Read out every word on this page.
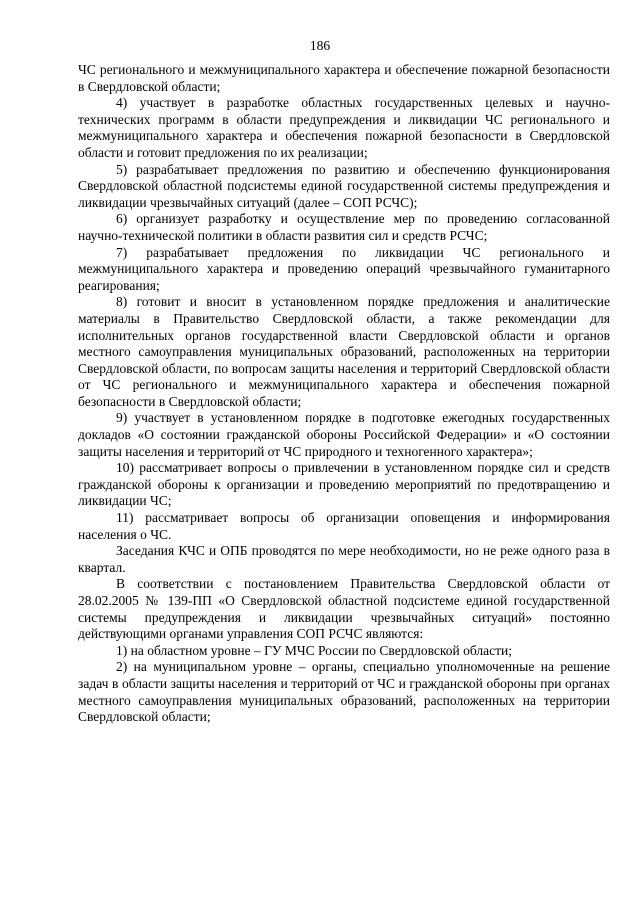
186

ЧС регионального и межмуниципального характера и обеспечение пожарной безопасности в Свердловской области;

4) участвует в разработке областных государственных целевых и научно-технических программ в области предупреждения и ликвидации ЧС регионального и межмуниципального характера и обеспечения пожарной безопасности в Свердловской области и готовит предложения по их реализации;

5) разрабатывает предложения по развитию и обеспечению функционирования Свердловской областной подсистемы единой государственной системы предупреждения и ликвидации чрезвычайных ситуаций (далее – СОП РСЧС);

6) организует разработку и осуществление мер по проведению согласованной научно-технической политики в области развития сил и средств РСЧС;

7) разрабатывает предложения по ликвидации ЧС регионального и межмуниципального характера и проведению операций чрезвычайного гуманитарного реагирования;

8) готовит и вносит в установленном порядке предложения и аналитические материалы в Правительство Свердловской области, а также рекомендации для исполнительных органов государственной власти Свердловской области и органов местного самоуправления муниципальных образований, расположенных на территории Свердловской области, по вопросам защиты населения и территорий Свердловской области от ЧС регионального и межмуниципального характера и обеспечения пожарной безопасности в Свердловской области;

9) участвует в установленном порядке в подготовке ежегодных государственных докладов «О состоянии гражданской обороны Российской Федерации» и «О состоянии защиты населения и территорий от ЧС природного и техногенного характера»;

10) рассматривает вопросы о привлечении в установленном порядке сил и средств гражданской обороны к организации и проведению мероприятий по предотвращению и ликвидации ЧС;

11) рассматривает вопросы об организации оповещения и информирования населения о ЧС.

Заседания КЧС и ОПБ проводятся по мере необходимости, но не реже одного раза в квартал.

В соответствии с постановлением Правительства Свердловской области от 28.02.2005 № 139-ПП «О Свердловской областной подсистеме единой государственной системы предупреждения и ликвидации чрезвычайных ситуаций» постоянно действующими органами управления СОП РСЧС являются:

1) на областном уровне – ГУ МЧС России по Свердловской области;

2) на муниципальном уровне – органы, специально уполномоченные на решение задач в области защиты населения и территорий от ЧС и гражданской обороны при органах местного самоуправления муниципальных образований, расположенных на территории Свердловской области;
